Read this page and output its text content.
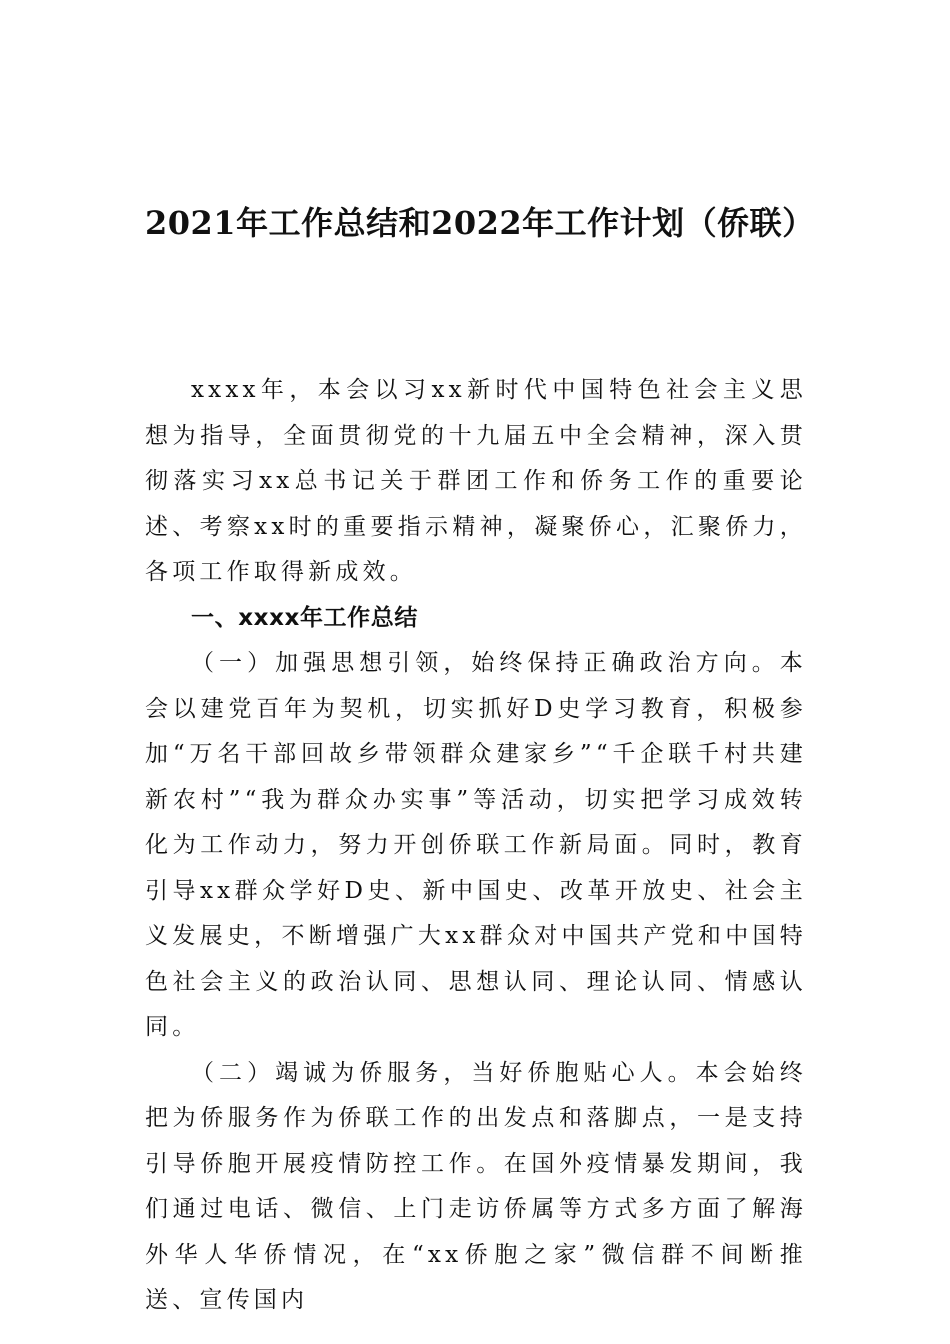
2021年工作总结和2022年工作计划（侨联）

xxxx年，本会以习xx新时代中国特色社会主义思想为指导，全面贯彻党的十九届五中全会精神，深入贯彻落实习xx总书记关于群团工作和侨务工作的重要论述、考察xx时的重要指示精神，凝聚侨心，汇聚侨力，各项工作取得新成效。

一、xxxx年工作总结

（一）加强思想引领，始终保持正确政治方向。本会以建党百年为契机，切实抓好D史学习教育，积极参加“万名干部回故乡带领群众建家乡”“千企联千村共建新农村”“我为群众办实事”等活动，切实把学习成效转化为工作动力，努力开创侨联工作新局面。同时，教育引导xx群众学好D史、新中国史、改革开放史、社会主义发展史，不断增强广大xx群众对中国共产党和中国特色社会主义的政治认同、思想认同、理论认同、情感认同。

（二）竭诚为侨服务，当好侨胞贴心人。本会始终把为侨服务作为侨联工作的出发点和落脚点，一是支持引导侨胞开展疫情防控工作。在国外疫情暴发期间，我们通过电话、微信、上门走访侨属等方式多方面了解海外华人华侨情况，在“xx侨胞之家”微信群不间断推送、宣传国内
